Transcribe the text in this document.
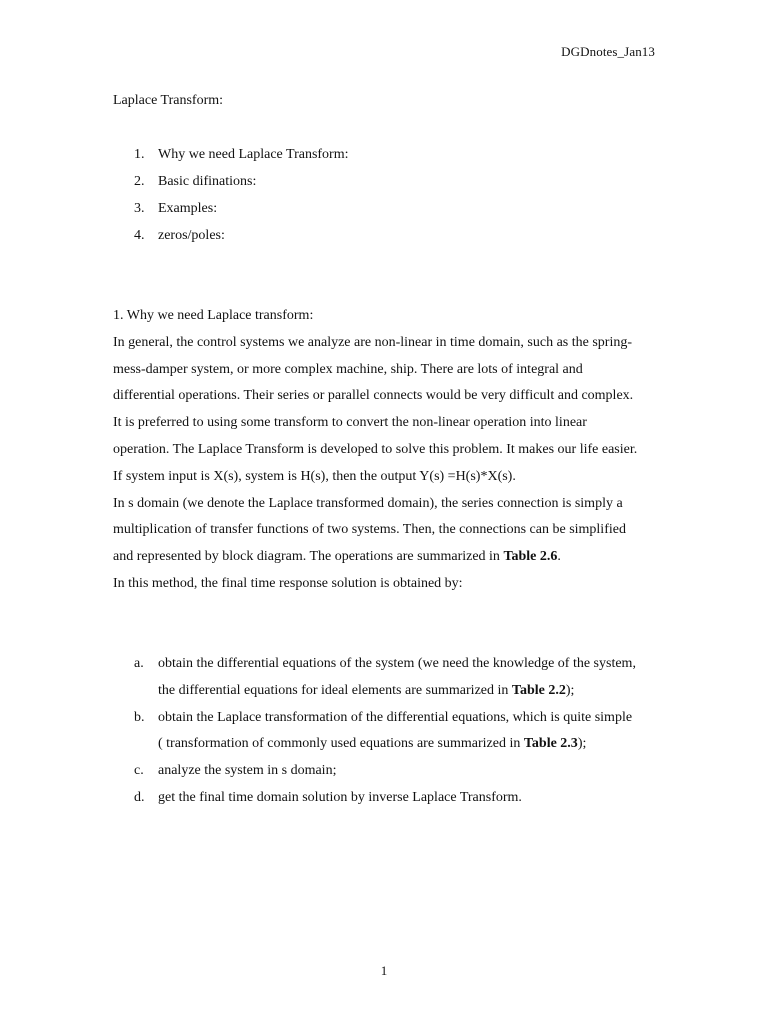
DGDnotes_Jan13
Laplace Transform:
1. Why we need Laplace Transform:
2. Basic difinations:
3. Examples:
4. zeros/poles:

1. Why we need Laplace transform:

In general, the control systems we analyze are non-linear in time domain, such as the spring-mess-damper system, or more complex machine, ship. There are lots of integral and differential operations. Their series or parallel connects would be very difficult and complex. It is preferred to using some transform to convert the non-linear operation into linear operation. The Laplace Transform is developed to solve this problem. It makes our life easier.

If system input is X(s), system is H(s), then the output Y(s) =H(s)*X(s).

In s domain (we denote the Laplace transformed domain), the series connection is simply a multiplication of transfer functions of two systems. Then, the connections can be simplified and represented by block diagram. The operations are summarized in Table 2.6.

In this method, the final time response solution is obtained by:

a. obtain the differential equations of the system (we need the knowledge of the system, the differential equations for ideal elements are summarized in Table 2.2);
b. obtain the Laplace transformation of the differential equations, which is quite simple ( transformation of commonly used equations are summarized in Table 2.3);
c. analyze the system in s domain;
d. get the final time domain solution by inverse Laplace Transform.
1
